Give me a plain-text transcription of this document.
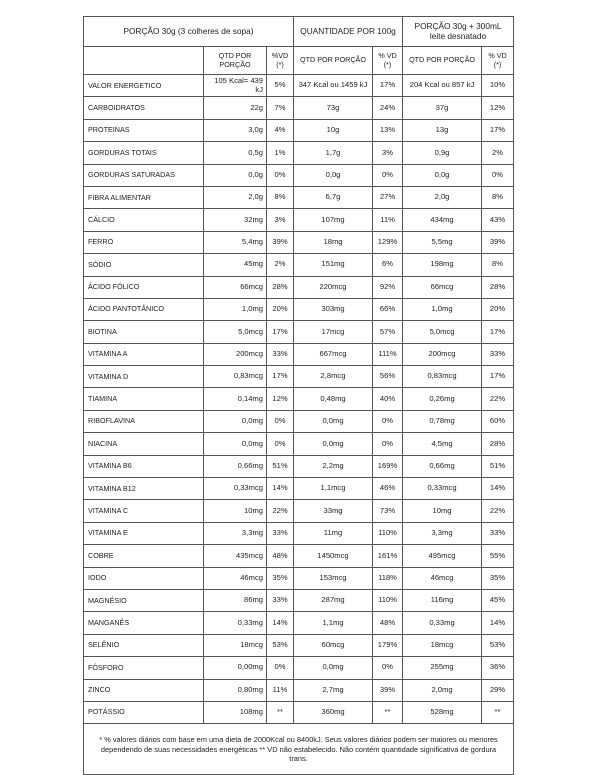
PORÇÃO 30g (3 colheres de sopa)			QUANTIDADE POR 100g		PORÇÃO 30g + 300mL leite desnatado	
	QTD POR PORÇÃO	%VD (*)	QTD POR PORÇÃO	% VD (*)	QTD POR PORÇÃO	% VD (*)
VALOR ENERGETICO	105 Kcal= 439 kJ	5%	347 Kcal ou 1459 kJ	17%	204 Kcal ou 857 kJ	10%
CARBOIDRATOS	22g	7%	73g	24%	37g	12%
PROTEINAS	3,0g	4%	10g	13%	13g	17%
GORDURAS TOTAIS	0,5g	1%	1,7g	3%	0,9g	2%
GORDURAS SATURADAS	0,0g	0%	0,0g	0%	0,0g	0%
FIBRA ALIMENTAR	2,0g	8%	6,7g	27%	2,0g	8%
CÁLCIO	32mg	3%	107mg	11%	434mg	43%
FERRO	5,4mg	39%	18mg	129%	5,5mg	39%
SÓDIO	45mg	2%	151mg	6%	198mg	8%
ÁCIDO FÓLICO	66mcg	28%	220mcg	92%	66mcg	28%
ÁCIDO PANTOTÂNICO	1,0mg	20%	303mg	66%	1,0mg	20%
BIOTINA	5,0mcg	17%	17mcg	57%	5,0mcg	17%
VITAMINA A	200mcg	33%	667mcg	111%	200mcg	33%
VITAMINA D	0,83mcg	17%	2,8mcg	56%	0,83mcg	17%
TIAMINA	0,14mg	12%	0,48mg	40%	0,26mg	22%
RIBOFLAVINA	0,0mg	0%	0,0mg	0%	0,78mg	60%
NIACINA	0,0mg	0%	0,0mg	0%	4,5mg	28%
VITAMINA B6	0,66mg	51%	2,2mg	169%	0,66mg	51%
VITAMINA B12	0,33mcg	14%	1,1mcg	46%	0,33mcg	14%
VITAMINA C	10mg	22%	33mg	73%	10mg	22%
VITAMINA E	3,3mg	33%	11mg	110%	3,3mg	33%
COBRE	435mcg	48%	1450mcg	161%	495mcg	55%
IODO	46mcg	35%	153mcg	118%	46mcg	35%
MAGNÉSIO	86mg	33%	287mg	110%	116mg	45%
MANGANÊS	0,33mg	14%	1,1mg	48%	0,33mg	14%
SELÊNIO	18mcg	53%	60mcg	179%	18mcg	53%
FÓSFORO	0,00mg	0%	0,0mg	0%	255mg	36%
ZINCO	0,80mg	11%	2,7mg	39%	2,0mg	29%
POTÁSSIO	108mg	**	360mg	**	528mg	**
* % valores diários com base em uma dieta de 2000Kcal ou 8400kJ. Seus valores diários podem ser maiores ou menores dependendo de suas necessidades energéticas ** VD não estabelecido. Não contém quantidade significativa de gordura trans.						
